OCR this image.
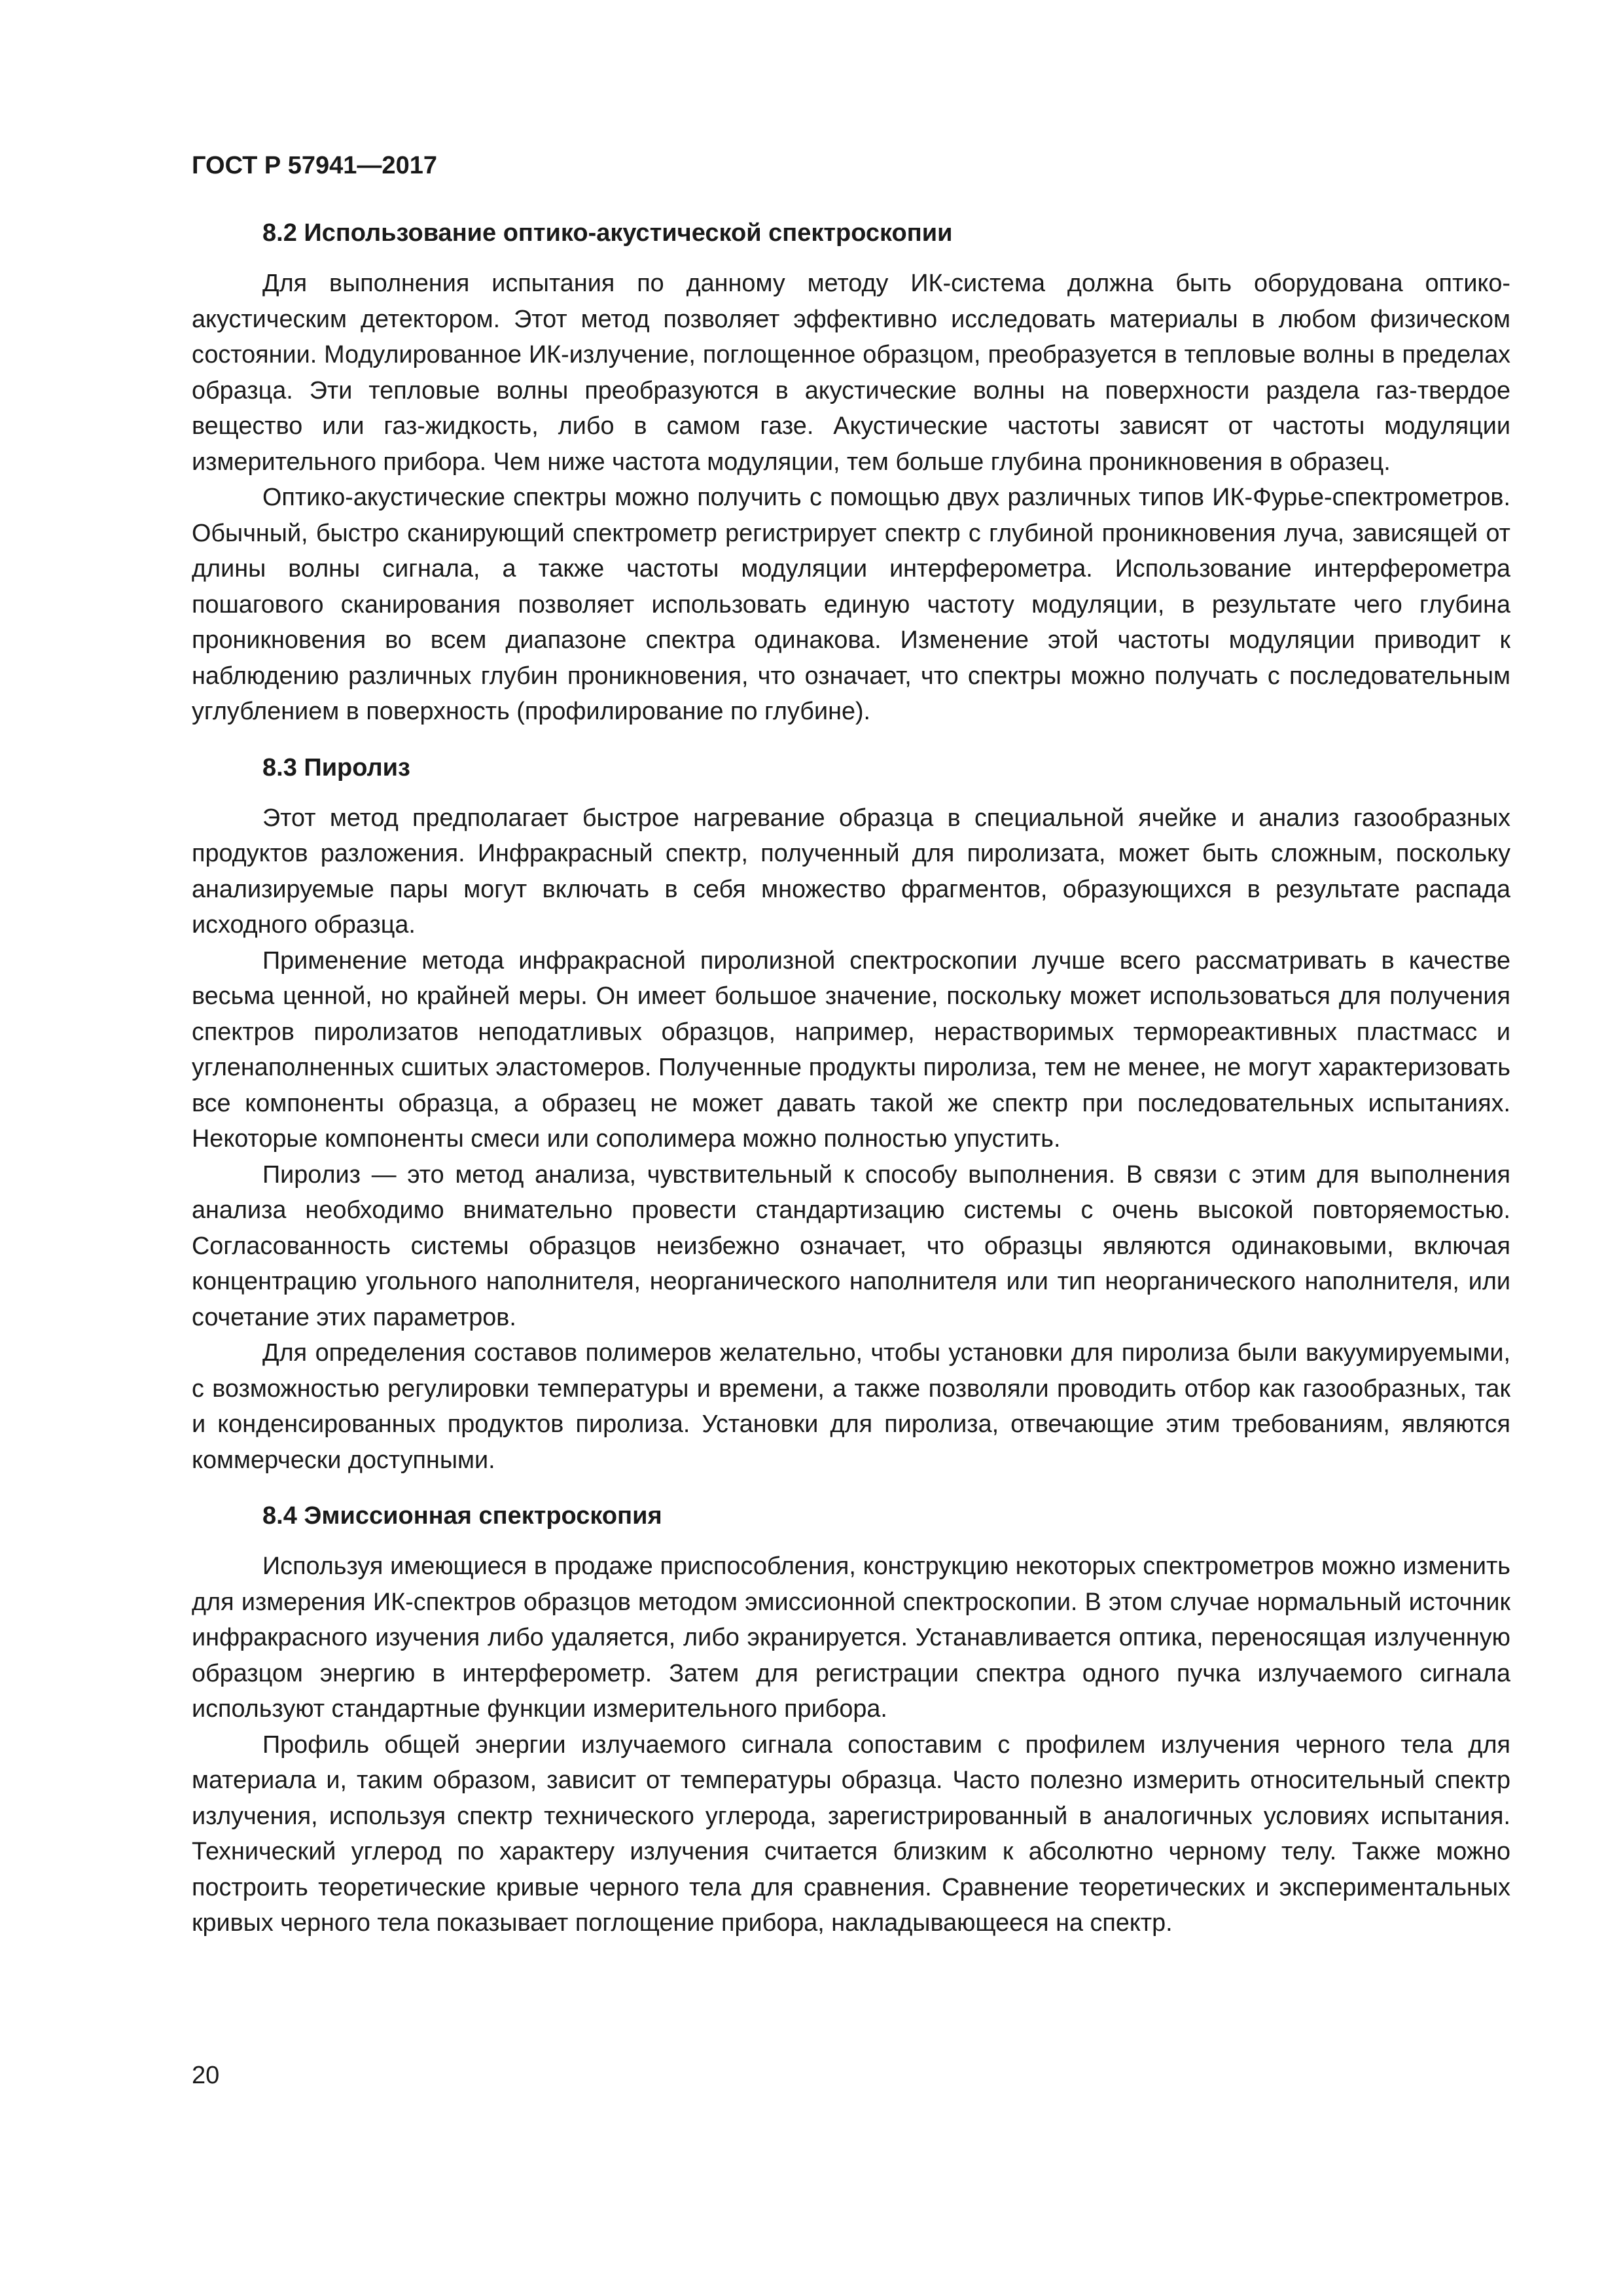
ГОСТ Р 57941—2017
8.2 Использование оптико-акустической спектроскопии

Для выполнения испытания по данному методу ИК-система должна быть оборудована оптико-акустическим детектором. Этот метод позволяет эффективно исследовать материалы в любом физическом состоянии. Модулированное ИК-излучение, поглощенное образцом, преобразуется в тепловые волны в пределах образца. Эти тепловые волны преобразуются в акустические волны на поверхности раздела газ-твердое вещество или газ-жидкость, либо в самом газе. Акустические частоты зависят от частоты модуляции измерительного прибора. Чем ниже частота модуляции, тем больше глубина проникновения в образец.

Оптико-акустические спектры можно получить с помощью двух различных типов ИК-Фурье-спектрометров. Обычный, быстро сканирующий спектрометр регистрирует спектр с глубиной проникновения луча, зависящей от длины волны сигнала, а также частоты модуляции интерферометра. Использование интерферометра пошагового сканирования позволяет использовать единую частоту модуляции, в результате чего глубина проникновения во всем диапазоне спектра одинакова. Изменение этой частоты модуляции приводит к наблюдению различных глубин проникновения, что означает, что спектры можно получать с последовательным углублением в поверхность (профилирование по глубине).

8.3 Пиролиз

Этот метод предполагает быстрое нагревание образца в специальной ячейке и анализ газообразных продуктов разложения. Инфракрасный спектр, полученный для пиролизата, может быть сложным, поскольку анализируемые пары могут включать в себя множество фрагментов, образующихся в результате распада исходного образца.

Применение метода инфракрасной пиролизной спектроскопии лучше всего рассматривать в качестве весьма ценной, но крайней меры. Он имеет большое значение, поскольку может использоваться для получения спектров пиролизатов неподатливых образцов, например, нерастворимых термореактивных пластмасс и угленаполненных сшитых эластомеров. Полученные продукты пиролиза, тем не менее, не могут характеризовать все компоненты образца, а образец не может давать такой же спектр при последовательных испытаниях. Некоторые компоненты смеси или сополимера можно полностью упустить.

Пиролиз — это метод анализа, чувствительный к способу выполнения. В связи с этим для выполнения анализа необходимо внимательно провести стандартизацию системы с очень высокой повторяемостью. Согласованность системы образцов неизбежно означает, что образцы являются одинаковыми, включая концентрацию угольного наполнителя, неорганического наполнителя или тип неорганического наполнителя, или сочетание этих параметров.

Для определения составов полимеров желательно, чтобы установки для пиролиза были вакуумируемыми, с возможностью регулировки температуры и времени, а также позволяли проводить отбор как газообразных, так и конденсированных продуктов пиролиза. Установки для пиролиза, отвечающие этим требованиям, являются коммерчески доступными.

8.4 Эмиссионная спектроскопия

Используя имеющиеся в продаже приспособления, конструкцию некоторых спектрометров можно изменить для измерения ИК-спектров образцов методом эмиссионной спектроскопии. В этом случае нормальный источник инфракрасного изучения либо удаляется, либо экранируется. Устанавливается оптика, переносящая излученную образцом энергию в интерферометр. Затем для регистрации спектра одного пучка излучаемого сигнала используют стандартные функции измерительного прибора.

Профиль общей энергии излучаемого сигнала сопоставим с профилем излучения черного тела для материала и, таким образом, зависит от температуры образца. Часто полезно измерить относительный спектр излучения, используя спектр технического углерода, зарегистрированный в аналогичных условиях испытания. Технический углерод по характеру излучения считается близким к абсолютно черному телу. Также можно построить теоретические кривые черного тела для сравнения. Сравнение теоретических и экспериментальных кривых черного тела показывает поглощение прибора, накладывающееся на спектр.

20
